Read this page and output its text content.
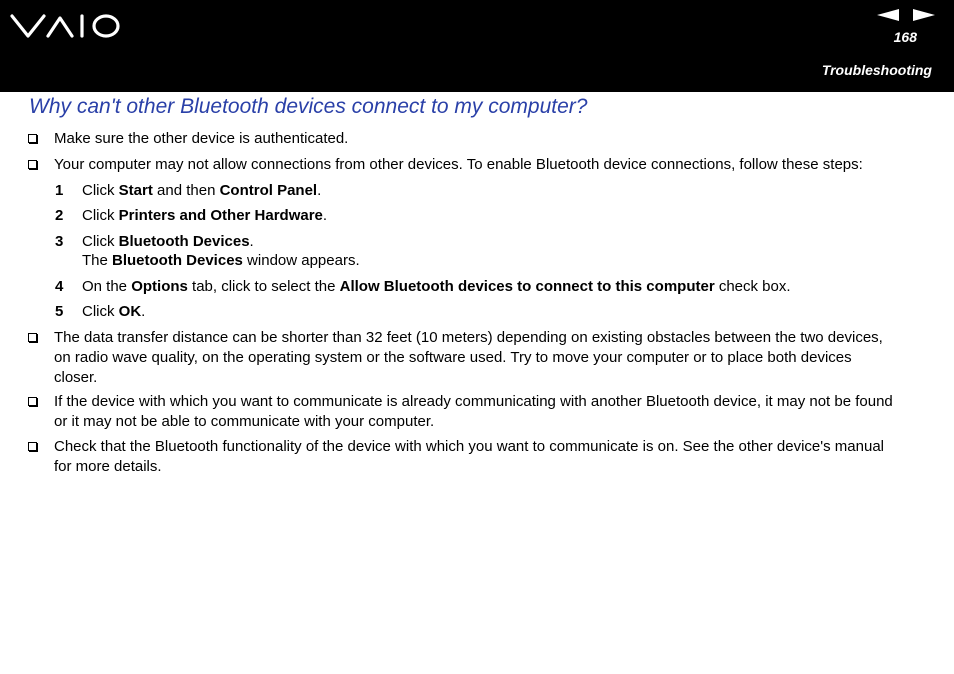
168
Troubleshooting
Why can't other Bluetooth devices connect to my computer?
Make sure the other device is authenticated.
Your computer may not allow connections from other devices. To enable Bluetooth device connections, follow these steps:
1 Click Start and then Control Panel.
2 Click Printers and Other Hardware.
3 Click Bluetooth Devices.
The Bluetooth Devices window appears.
4 On the Options tab, click to select the Allow Bluetooth devices to connect to this computer check box.
5 Click OK.
The data transfer distance can be shorter than 32 feet (10 meters) depending on existing obstacles between the two devices,
on radio wave quality, on the operating system or the software used. Try to move your computer or to place both devices
closer.
If the device with which you want to communicate is already communicating with another Bluetooth device, it may not be found
or it may not be able to communicate with your computer.
Check that the Bluetooth functionality of the device with which you want to communicate is on. See the other device's manual
for more details.
